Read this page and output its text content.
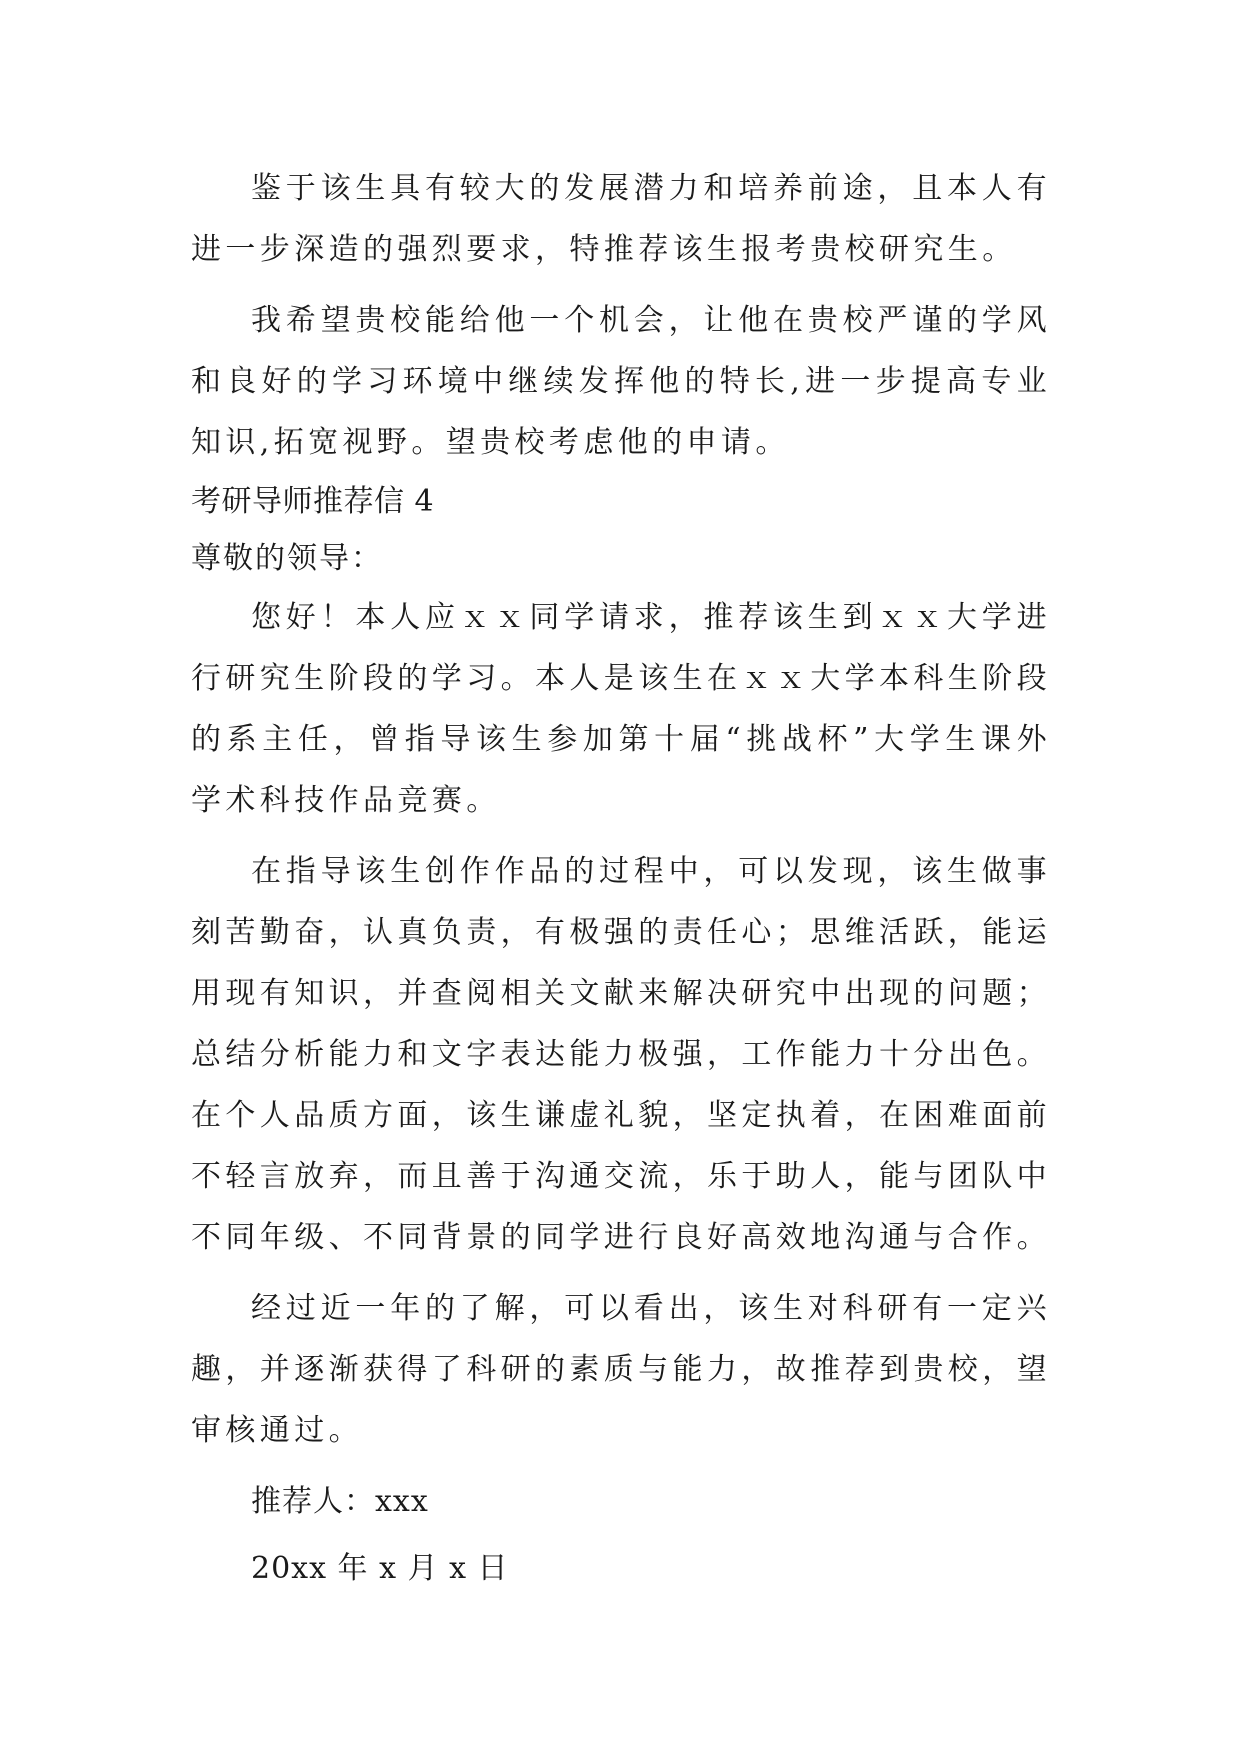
鉴于该生具有较大的发展潜力和培养前途，且本人有进一步深造的强烈要求，特推荐该生报考贵校研究生。

我希望贵校能给他一个机会，让他在贵校严谨的学风和良好的学习环境中继续发挥他的特长,进一步提高专业知识,拓宽视野。望贵校考虑他的申请。

考研导师推荐信 4

尊敬的领导：

您好！本人应ｘｘ同学请求，推荐该生到ｘｘ大学进行研究生阶段的学习。本人是该生在ｘｘ大学本科生阶段的系主任，曾指导该生参加第十届“挑战杯”大学生课外学术科技作品竞赛。

在指导该生创作作品的过程中，可以发现，该生做事刻苦勤奋，认真负责，有极强的责任心；思维活跃，能运用现有知识，并查阅相关文献来解决研究中出现的问题；总结分析能力和文字表达能力极强，工作能力十分出色。在个人品质方面，该生谦虚礼貌，坚定执着，在困难面前不轻言放弃，而且善于沟通交流，乐于助人，能与团队中不同年级、不同背景的同学进行良好高效地沟通与合作。

经过近一年的了解，可以看出，该生对科研有一定兴趣，并逐渐获得了科研的素质与能力，故推荐到贵校，望审核通过。

推荐人：xxx

20xx 年 x 月 x 日
